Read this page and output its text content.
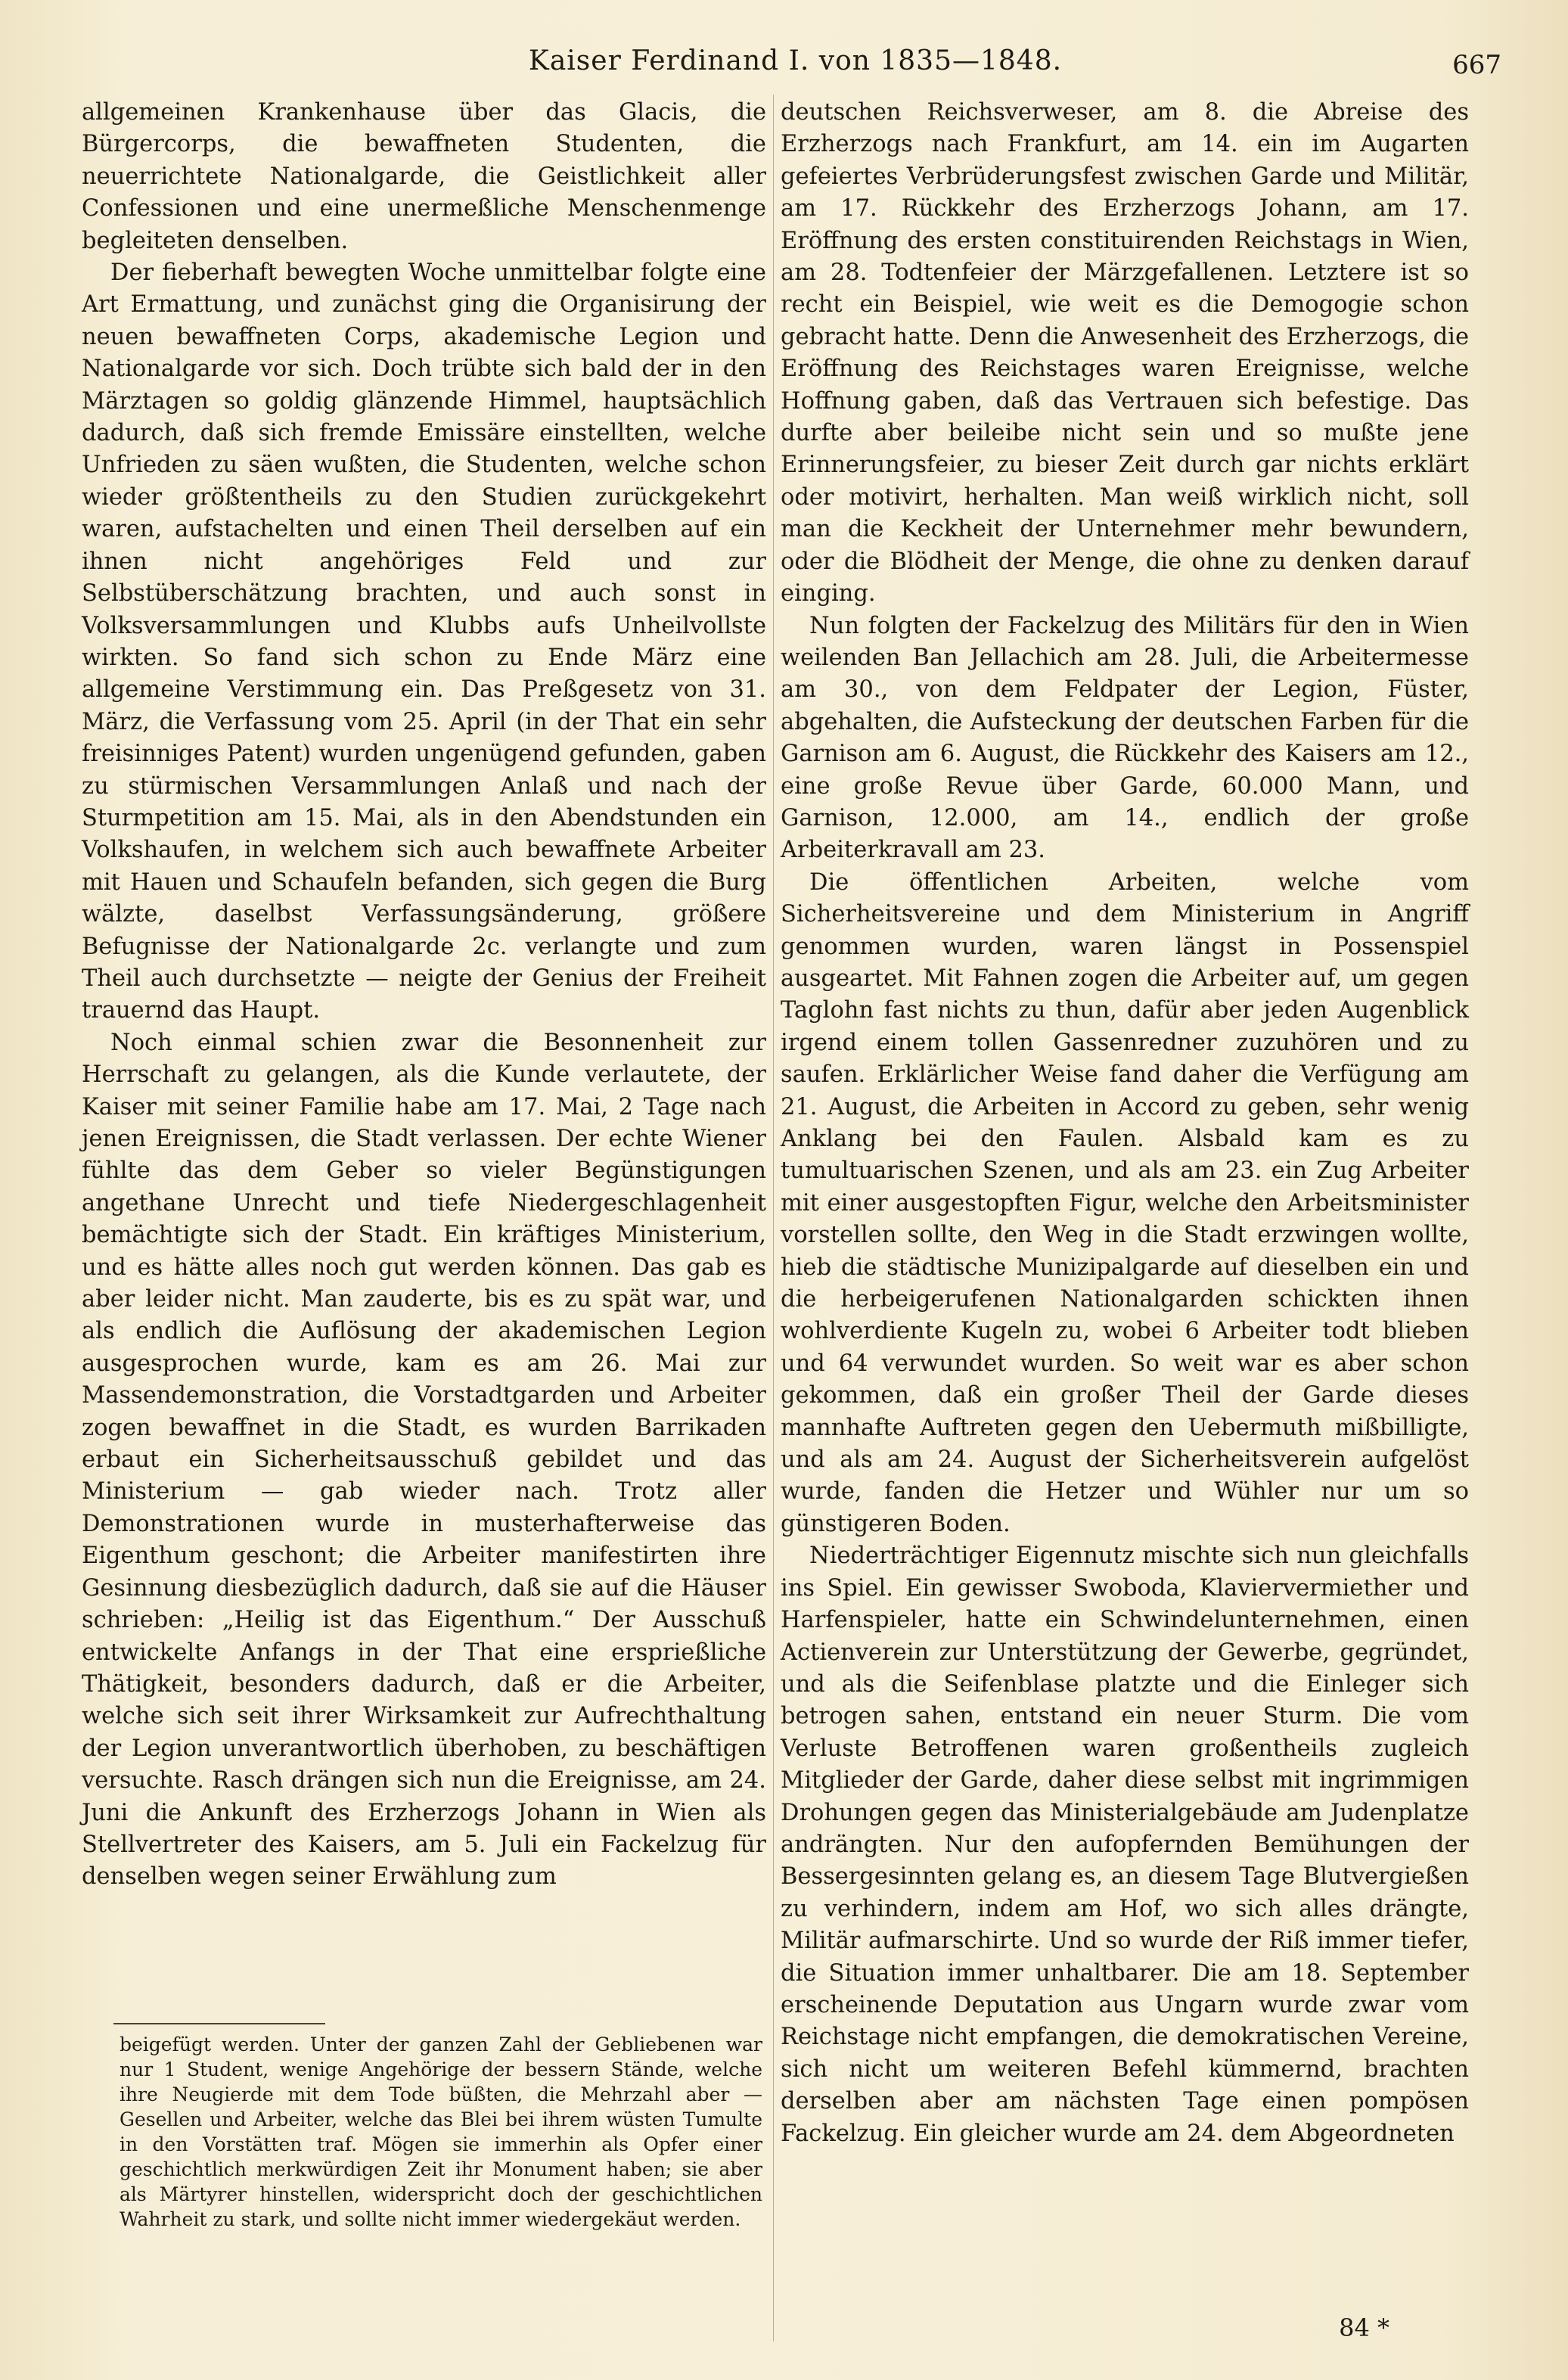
Kaiser Ferdinand I. von 1835—1848.	667

allgemeinen Krankenhause über das Glacis, die Bürgercorps, die bewaffneten Studenten, die neuerrichtete Nationalgarde, die Geistlichkeit aller Confessionen und eine unermeßliche Menschenmenge begleiteten denselben.

Der fieberhaft bewegten Woche unmittelbar folgte eine Art Ermattung, und zunächst ging die Organisirung der neuen bewaffneten Corps, akademische Legion und Nationalgarde vor sich. Doch trübte sich bald der in den Märztagen so goldig glänzende Himmel, hauptsächlich dadurch, daß sich fremde Emissäre einstellten, welche Unfrieden zu säen wußten, die Studenten, welche schon wieder größtentheils zu den Studien zurückgekehrt waren, aufstachelten und einen Theil derselben auf ein ihnen nicht angehöriges Feld und zur Selbstüberschätzung brachten, und auch sonst in Volksversammlungen und Klubbs aufs Unheilvollste wirkten. So fand sich schon zu Ende März eine allgemeine Verstimmung ein. Das Preßgesetz von 31. März, die Verfassung vom 25. April (in der That ein sehr freisinniges Patent) wurden ungenügend gefunden, gaben zu stürmischen Versammlungen Anlaß und nach der Sturmpetition am 15. Mai, als in den Abendstunden ein Volkshaufen, in welchem sich auch bewaffnete Arbeiter mit Hauen und Schaufeln befanden, sich gegen die Burg wälzte, daselbst Verfassungsänderung, größere Befugnisse der Nationalgarde 2c. verlangte und zum Theil auch durchsetzte — neigte der Genius der Freiheit trauernd das Haupt.

Noch einmal schien zwar die Besonnenheit zur Herrschaft zu gelangen, als die Kunde verlautete, der Kaiser mit seiner Familie habe am 17. Mai, 2 Tage nach jenen Ereignissen, die Stadt verlassen. Der echte Wiener fühlte das dem Geber so vieler Begünstigungen angethane Unrecht und tiefe Niedergeschlagenheit bemächtigte sich der Stadt. Ein kräftiges Ministerium, und es hätte alles noch gut werden können. Das gab es aber leider nicht. Man zauderte, bis es zu spät war, und als endlich die Auflösung der akademischen Legion ausgesprochen wurde, kam es am 26. Mai zur Massendemonstration, die Vorstadtgarden und Arbeiter zogen bewaffnet in die Stadt, es wurden Barrikaden erbaut ein Sicherheitsausschuß gebildet und das Ministerium — gab wieder nach. Trotz aller Demonstrationen wurde in musterhafterweise das Eigenthum geschont; die Arbeiter manifestirten ihre Gesinnung diesbezüglich dadurch, daß sie auf die Häuser schrieben: „Heilig ist das Eigenthum.“ Der Ausschuß entwickelte Anfangs in der That eine ersprießliche Thätigkeit, besonders dadurch, daß er die Arbeiter, welche sich seit ihrer Wirksamkeit zur Aufrechthaltung der Legion unverantwortlich überhoben, zu beschäftigen versuchte. Rasch drängen sich nun die Ereignisse, am 24. Juni die Ankunft des Erzherzogs Johann in Wien als Stellvertreter des Kaisers, am 5. Juli ein Fackelzug für denselben wegen seiner Erwählung zum

deutschen Reichsverweser, am 8. die Abreise des Erzherzogs nach Frankfurt, am 14. ein im Augarten gefeiertes Verbrüderungsfest zwischen Garde und Militär, am 17. Rückkehr des Erzherzogs Johann, am 17. Eröffnung des ersten constituirenden Reichstags in Wien, am 28. Todtenfeier der Märzgefallenen. Letztere ist so recht ein Beispiel, wie weit es die Demogogie schon gebracht hatte. Denn die Anwesenheit des Erzherzogs, die Eröffnung des Reichstages waren Ereignisse, welche Hoffnung gaben, daß das Vertrauen sich befestige. Das durfte aber beileibe nicht sein und so mußte jene Erinnerungsfeier, zu bieser Zeit durch gar nichts erklärt oder motivirt, herhalten. Man weiß wirklich nicht, soll man die Keckheit der Unternehmer mehr bewundern, oder die Blödheit der Menge, die ohne zu denken darauf einging.

Nun folgten der Fackelzug des Militärs für den in Wien weilenden Ban Jellachich am 28. Juli, die Arbeitermesse am 30., von dem Feldpater der Legion, Füster, abgehalten, die Aufsteckung der deutschen Farben für die Garnison am 6. August, die Rückkehr des Kaisers am 12., eine große Revue über Garde, 60.000 Mann, und Garnison, 12.000, am 14., endlich der große Arbeiterkravall am 23.

Die öffentlichen Arbeiten, welche vom Sicherheitsvereine und dem Ministerium in Angriff genommen wurden, waren längst in Possenspiel ausgeartet. Mit Fahnen zogen die Arbeiter auf, um gegen Taglohn fast nichts zu thun, dafür aber jeden Augenblick irgend einem tollen Gassenredner zuzuhören und zu saufen. Erklärlicher Weise fand daher die Verfügung am 21. August, die Arbeiten in Accord zu geben, sehr wenig Anklang bei den Faulen. Alsbald kam es zu tumultuarischen Szenen, und als am 23. ein Zug Arbeiter mit einer ausgestopften Figur, welche den Arbeitsminister vorstellen sollte, den Weg in die Stadt erzwingen wollte, hieb die städtische Munizipalgarde auf dieselben ein und die herbeigerufenen Nationalgarden schickten ihnen wohlverdiente Kugeln zu, wobei 6 Arbeiter todt blieben und 64 verwundet wurden. So weit war es aber schon gekommen, daß ein großer Theil der Garde dieses mannhafte Auftreten gegen den Uebermuth mißbilligte, und als am 24. August der Sicherheitsverein aufgelöst wurde, fanden die Hetzer und Wühler nur um so günstigeren Boden.

Niederträchtiger Eigennutz mischte sich nun gleichfalls ins Spiel. Ein gewisser Swoboda, Klaviervermiether und Harfenspieler, hatte ein Schwindelunternehmen, einen Actienverein zur Unterstützung der Gewerbe, gegründet, und als die Seifenblase platzte und die Einleger sich betrogen sahen, entstand ein neuer Sturm. Die vom Verluste Betroffenen waren großentheils zugleich Mitglieder der Garde, daher diese selbst mit ingrimmigen Drohungen gegen das Ministerialgebäude am Judenplatze andrängten. Nur den aufopfernden Bemühungen der Bessergesinnten gelang es, an diesem Tage Blutvergießen zu verhindern, indem am Hof, wo sich alles drängte, Militär aufmarschirte. Und so wurde der Riß immer tiefer, die Situation immer unhaltbarer. Die am 18. September erscheinende Deputation aus Ungarn wurde zwar vom Reichstage nicht empfangen, die demokratischen Vereine, sich nicht um weiteren Befehl kümmernd, brachten derselben aber am nächsten Tage einen pompösen Fackelzug. Ein gleicher wurde am 24. dem Abgeordneten

beigefügt werden. Unter der ganzen Zahl der Gebliebenen war nur 1 Student, wenige Angehörige der bessern Stände, welche ihre Neugierde mit dem Tode büßten, die Mehrzahl aber — Gesellen und Arbeiter, welche das Blei bei ihrem wüsten Tumulte in den Vorstätten traf. Mögen sie immerhin als Opfer einer geschichtlich merkwürdigen Zeit ihr Monument haben; sie aber als Märtyrer hinstellen, widerspricht doch der geschichtlichen Wahrheit zu stark, und sollte nicht immer wiedergekäut werden.
84 *
